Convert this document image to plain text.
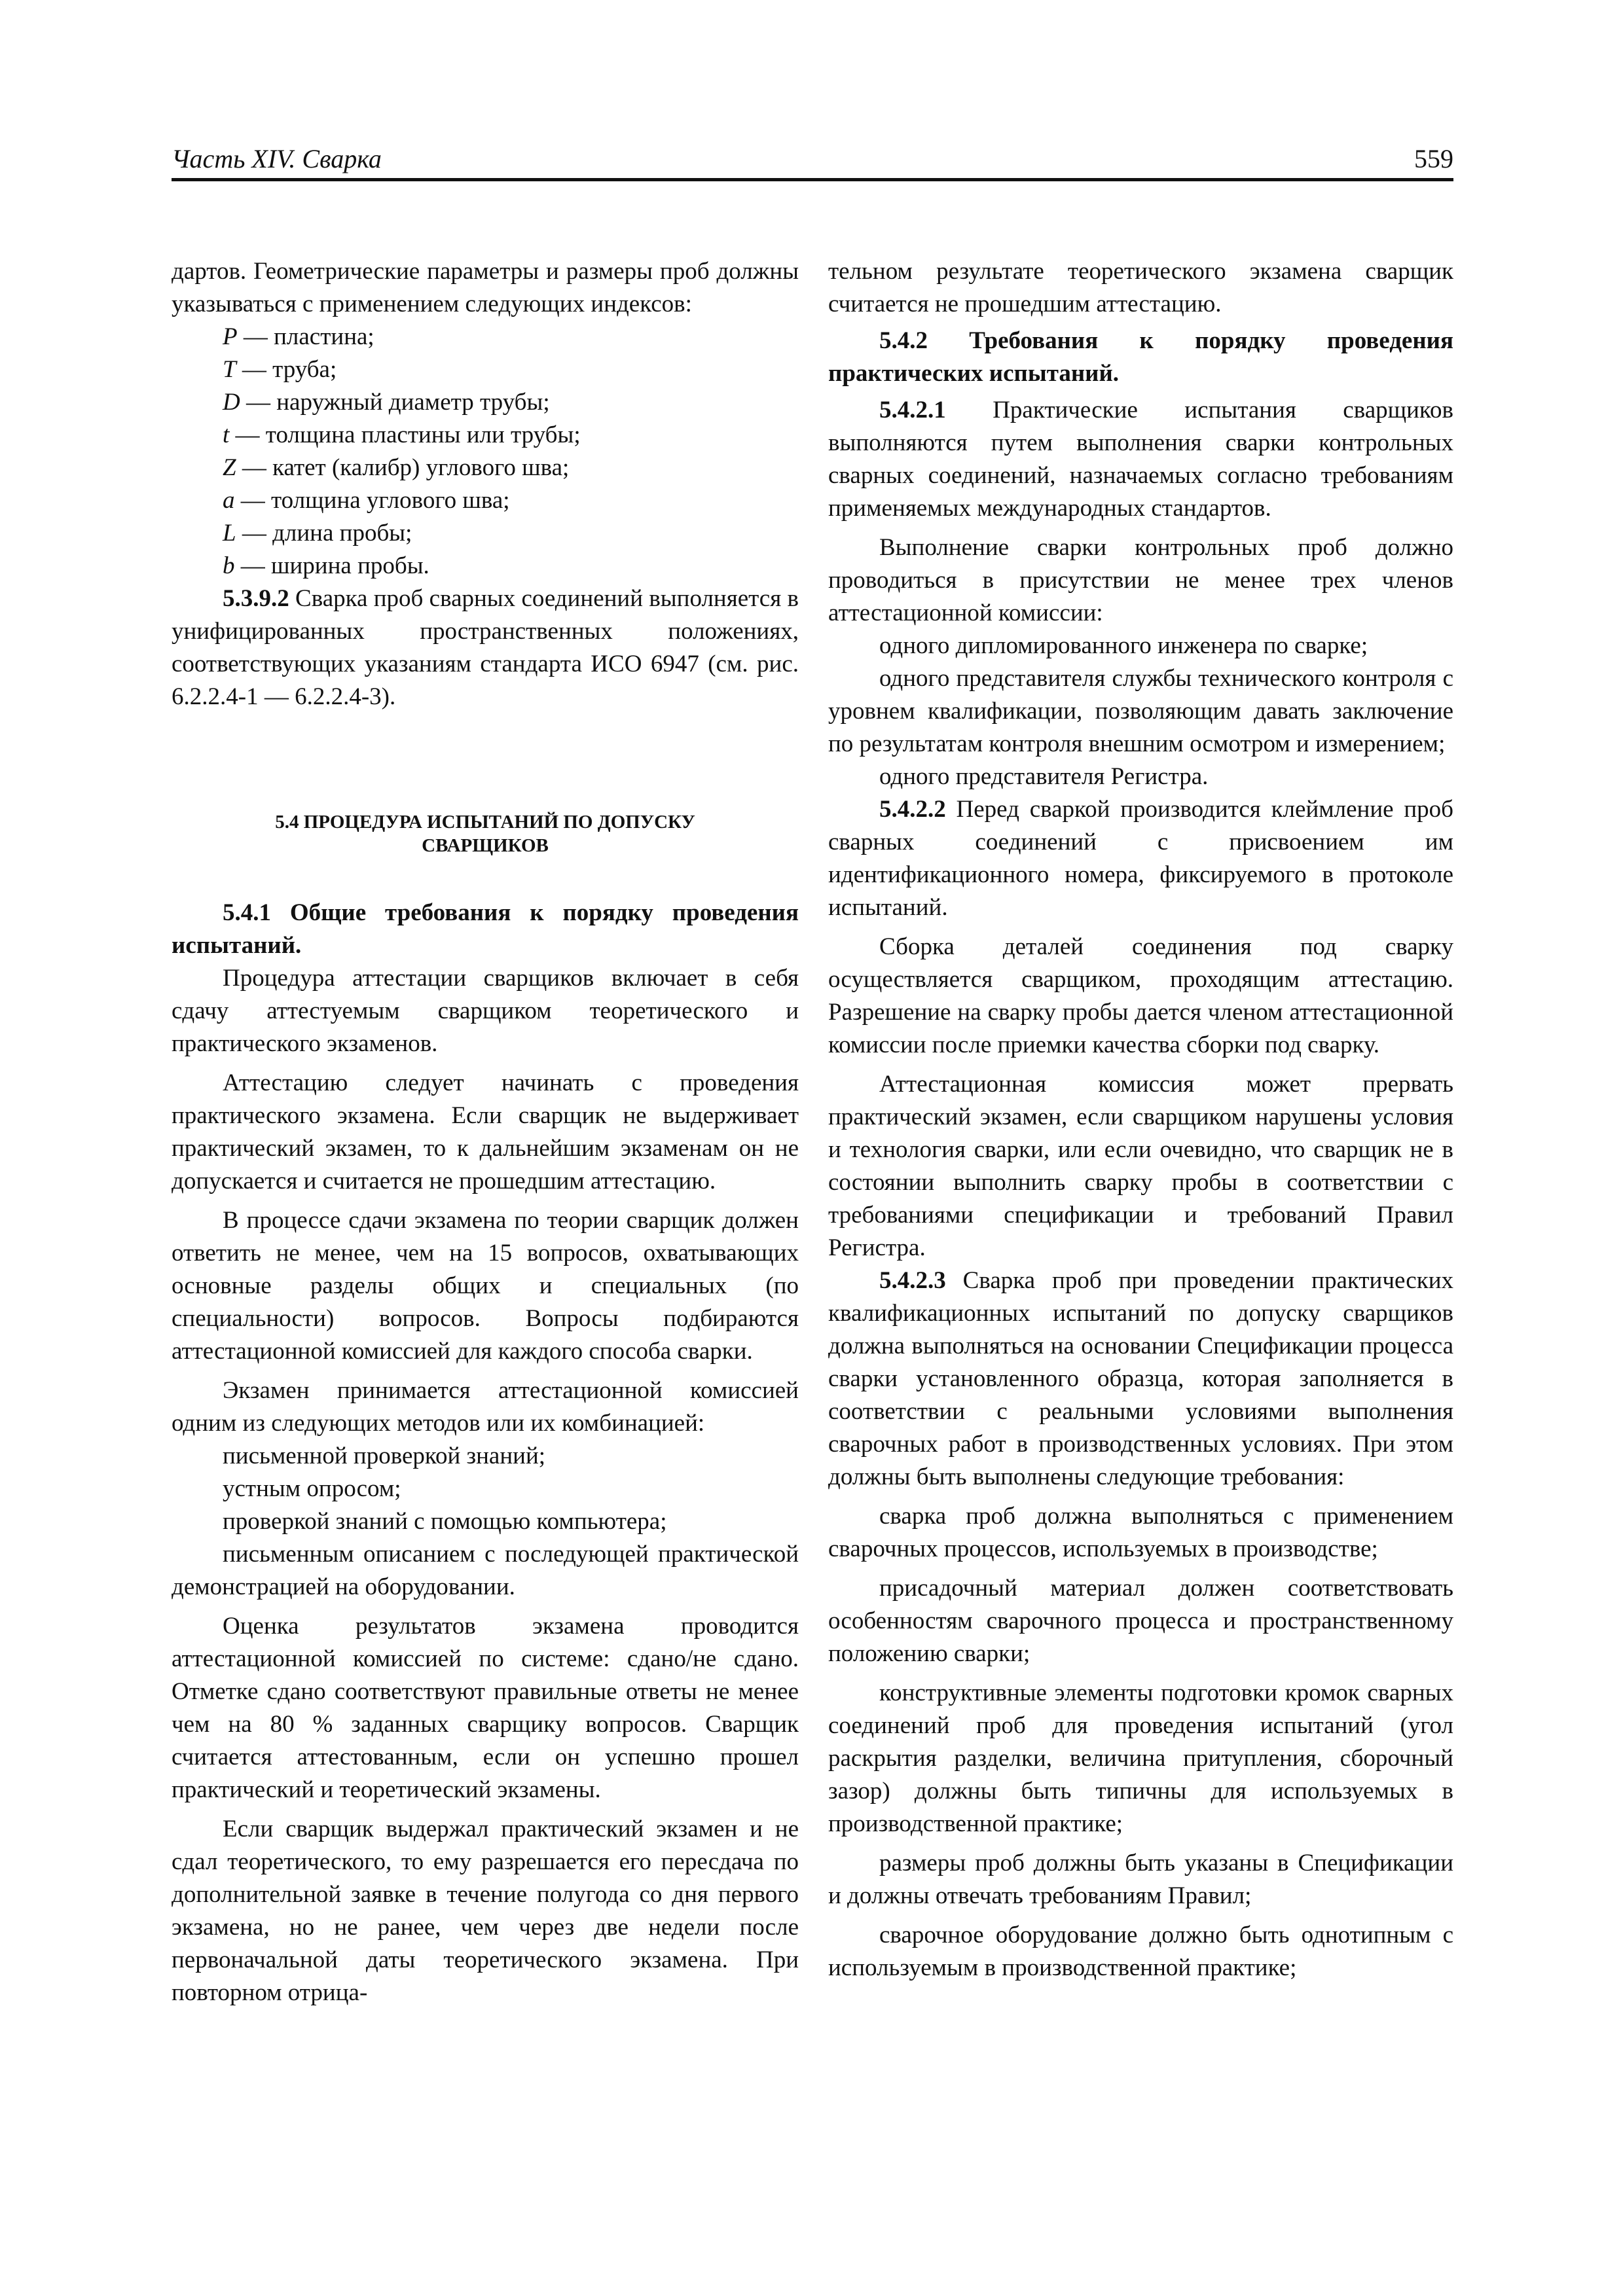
Часть XIV. Сварка	559

дартов. Геометрические параметры и размеры проб должны указываться с применением следующих индексов:

P — пластина;

T — труба;

D — наружный диаметр трубы;

t — толщина пластины или трубы;

Z — катет (калибр) углового шва;

a — толщина углового шва;

L — длина пробы;

b — ширина пробы.

5.3.9.2 Сварка проб сварных соединений выполняется в унифицированных пространственных положениях, соответствующих указаниям стандарта ИСО 6947 (см. рис. 6.2.2.4-1 — 6.2.2.4-3).

5.4 ПРОЦЕДУРА ИСПЫТАНИЙ ПО ДОПУСКУ
СВАРЩИКОВ

5.4.1 Общие требования к порядку проведения испытаний.

Процедура аттестации сварщиков включает в себя сдачу аттестуемым сварщиком теоретического и практического экзаменов.

Аттестацию следует начинать с проведения практического экзамена. Если сварщик не выдерживает практический экзамен, то к дальнейшим экзаменам он не допускается и считается не прошедшим аттестацию.

В процессе сдачи экзамена по теории сварщик должен ответить не менее, чем на 15 вопросов, охватывающих основные разделы общих и специальных (по специальности) вопросов. Вопросы подбираются аттестационной комиссией для каждого способа сварки.

Экзамен принимается аттестационной комиссией одним из следующих методов или их комбинацией:

письменной проверкой знаний;

устным опросом;

проверкой знаний с помощью компьютера;

письменным описанием с последующей практической демонстрацией на оборудовании.

Оценка результатов экзамена проводится аттестационной комиссией по системе: сдано/не сдано. Отметке сдано соответствуют правильные ответы не менее чем на 80 % заданных сварщику вопросов. Сварщик считается аттестованным, если он успешно прошел практический и теоретический экзамены.

Если сварщик выдержал практический экзамен и не сдал теоретического, то ему разрешается его пересдача по дополнительной заявке в течение полугода со дня первого экзамена, но не ранее, чем через две недели после первоначальной даты теоретического экзамена. При повторном отрица-

тельном результате теоретического экзамена сварщик считается не прошедшим аттестацию.

5.4.2 Требования к порядку проведения практических испытаний.

5.4.2.1 Практические испытания сварщиков выполняются путем выполнения сварки контрольных сварных соединений, назначаемых согласно требованиям применяемых международных стандартов.

Выполнение сварки контрольных проб должно проводиться в присутствии не менее трех членов аттестационной комиссии:

одного дипломированного инженера по сварке;

одного представителя службы технического контроля с уровнем квалификации, позволяющим давать заключение по результатам контроля внешним осмотром и измерением;

одного представителя Регистра.

5.4.2.2 Перед сваркой производится клеймление проб сварных соединений с присвоением им идентификационного номера, фиксируемого в протоколе испытаний.

Сборка деталей соединения под сварку осуществляется сварщиком, проходящим аттестацию. Разрешение на сварку пробы дается членом аттестационной комиссии после приемки качества сборки под сварку.

Аттестационная комиссия может прервать практический экзамен, если сварщиком нарушены условия и технология сварки, или если очевидно, что сварщик не в состоянии выполнить сварку пробы в соответствии с требованиями спецификации и требований Правил Регистра.

5.4.2.3 Сварка проб при проведении практических квалификационных испытаний по допуску сварщиков должна выполняться на основании Спецификации процесса сварки установленного образца, которая заполняется в соответствии с реальными условиями выполнения сварочных работ в производственных условиях. При этом должны быть выполнены следующие требования:

сварка проб должна выполняться с применением сварочных процессов, используемых в производстве;

присадочный материал должен соответствовать особенностям сварочного процесса и пространственному положению сварки;

конструктивные элементы подготовки кромок сварных соединений проб для проведения испытаний (угол раскрытия разделки, величина притупления, сборочный зазор) должны быть типичны для используемых в производственной практике;

размеры проб должны быть указаны в Спецификации и должны отвечать требованиям Правил;

сварочное оборудование должно быть однотипным с используемым в производственной практике;
